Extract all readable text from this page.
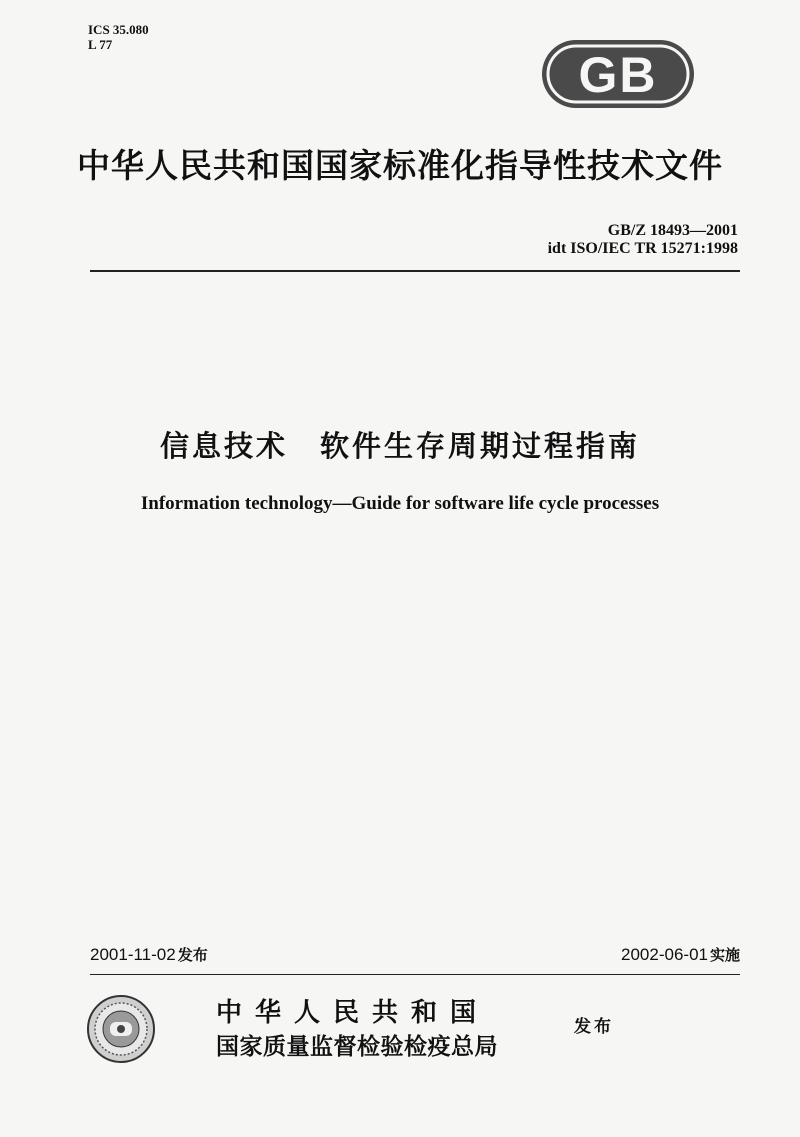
ICS 35.080
L 77
GB
中华人民共和国国家标准化指导性技术文件
GB/Z 18493—2001
idt ISO/IEC TR 15271:1998
信息技术　软件生存周期过程指南
Information technology—Guide for software life cycle processes
2001-11-02 发布	2002-06-01 实施
中华人民共和国
国家质量监督检验检疫总局
发布
